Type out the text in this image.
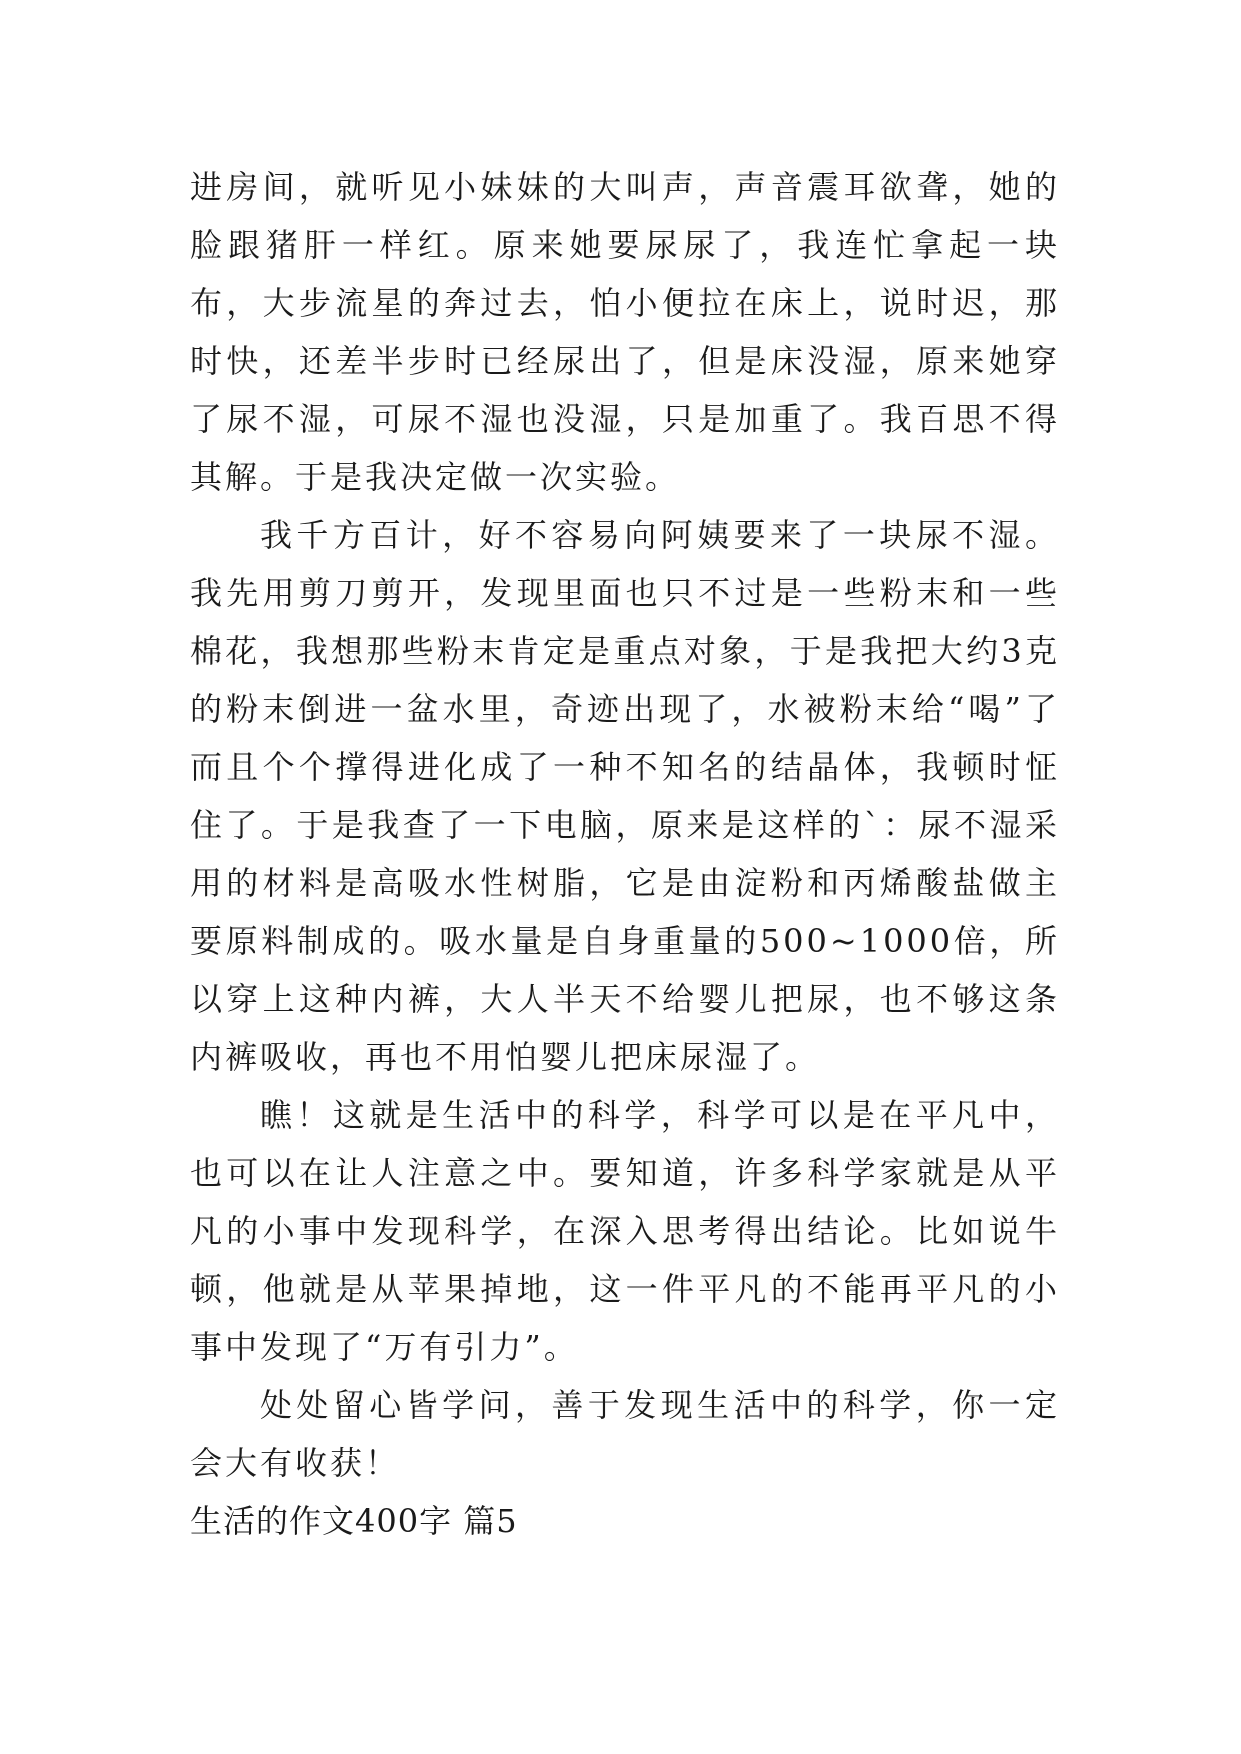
进房间，就听见小妹妹的大叫声，声音震耳欲聋，她的脸跟猪肝一样红。原来她要尿尿了，我连忙拿起一块布，大步流星的奔过去，怕小便拉在床上，说时迟，那时快，还差半步时已经尿出了，但是床没湿，原来她穿了尿不湿，可尿不湿也没湿，只是加重了。我百思不得其解。于是我决定做一次实验。

我千方百计，好不容易向阿姨要来了一块尿不湿。我先用剪刀剪开，发现里面也只不过是一些粉末和一些棉花，我想那些粉末肯定是重点对象，于是我把大约3克的粉末倒进一盆水里，奇迹出现了，水被粉末给“喝”了而且个个撑得进化成了一种不知名的结晶体，我顿时怔住了。于是我查了一下电脑，原来是这样的`：尿不湿采用的材料是高吸水性树脂，它是由淀粉和丙烯酸盐做主要原料制成的。吸水量是自身重量的500~1000倍，所以穿上这种内裤，大人半天不给婴儿把尿，也不够这条内裤吸收，再也不用怕婴儿把床尿湿了。

瞧！这就是生活中的科学，科学可以是在平凡中，也可以在让人注意之中。要知道，许多科学家就是从平凡的小事中发现科学，在深入思考得出结论。比如说牛顿，他就是从苹果掉地，这一件平凡的不能再平凡的小事中发现了“万有引力”。

处处留心皆学问，善于发现生活中的科学，你一定会大有收获！

生活的作文400字 篇5
